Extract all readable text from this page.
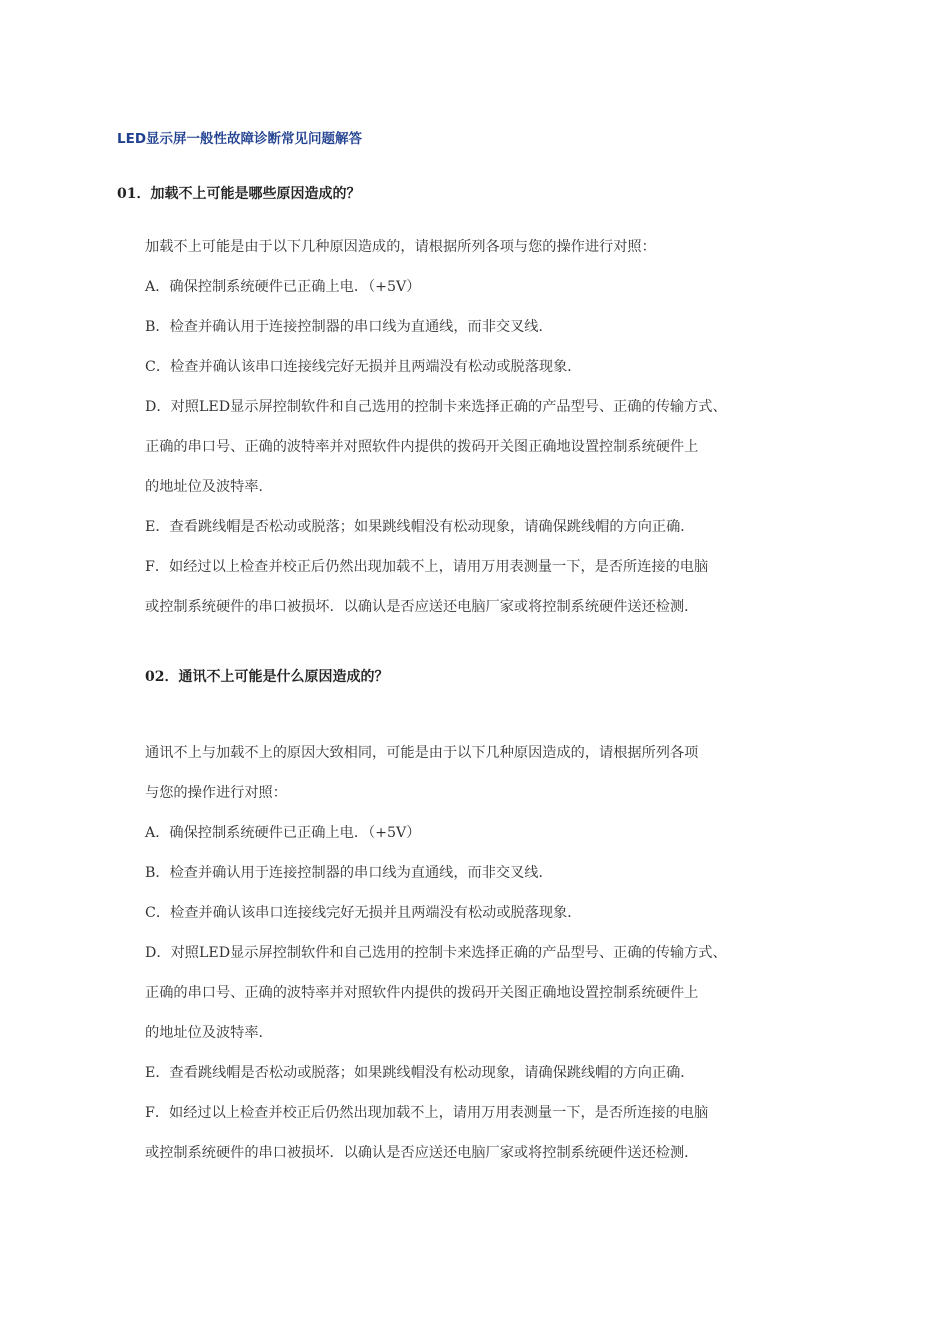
LED显示屏一般性故障诊断常见问题解答
01．加载不上可能是哪些原因造成的？
加载不上可能是由于以下几种原因造成的，请根据所列各项与您的操作进行对照：
A．确保控制系统硬件已正确上电．（+5V）
B．检查并确认用于连接控制器的串口线为直通线，而非交叉线．
C．检查并确认该串口连接线完好无损并且两端没有松动或脱落现象．
D．对照LED显示屏控制软件和自己选用的控制卡来选择正确的产品型号、正确的传输方式、
正确的串口号、正确的波特率并对照软件内提供的拨码开关图正确地设置控制系统硬件上
的地址位及波特率．
E．查看跳线帽是否松动或脱落；如果跳线帽没有松动现象，请确保跳线帽的方向正确．
F．如经过以上检查并校正后仍然出现加载不上，请用万用表测量一下，是否所连接的电脑
或控制系统硬件的串口被损坏．以确认是否应送还电脑厂家或将控制系统硬件送还检测．
02．通讯不上可能是什么原因造成的？
通讯不上与加载不上的原因大致相同，可能是由于以下几种原因造成的，请根据所列各项
与您的操作进行对照：
A．确保控制系统硬件已正确上电．（+5V）
B．检查并确认用于连接控制器的串口线为直通线，而非交叉线．
C．检查并确认该串口连接线完好无损并且两端没有松动或脱落现象．
D．对照LED显示屏控制软件和自己选用的控制卡来选择正确的产品型号、正确的传输方式、
正确的串口号、正确的波特率并对照软件内提供的拨码开关图正确地设置控制系统硬件上
的地址位及波特率．
E．查看跳线帽是否松动或脱落；如果跳线帽没有松动现象，请确保跳线帽的方向正确．
F．如经过以上检查并校正后仍然出现加载不上，请用万用表测量一下，是否所连接的电脑
或控制系统硬件的串口被损坏．以确认是否应送还电脑厂家或将控制系统硬件送还检测．
